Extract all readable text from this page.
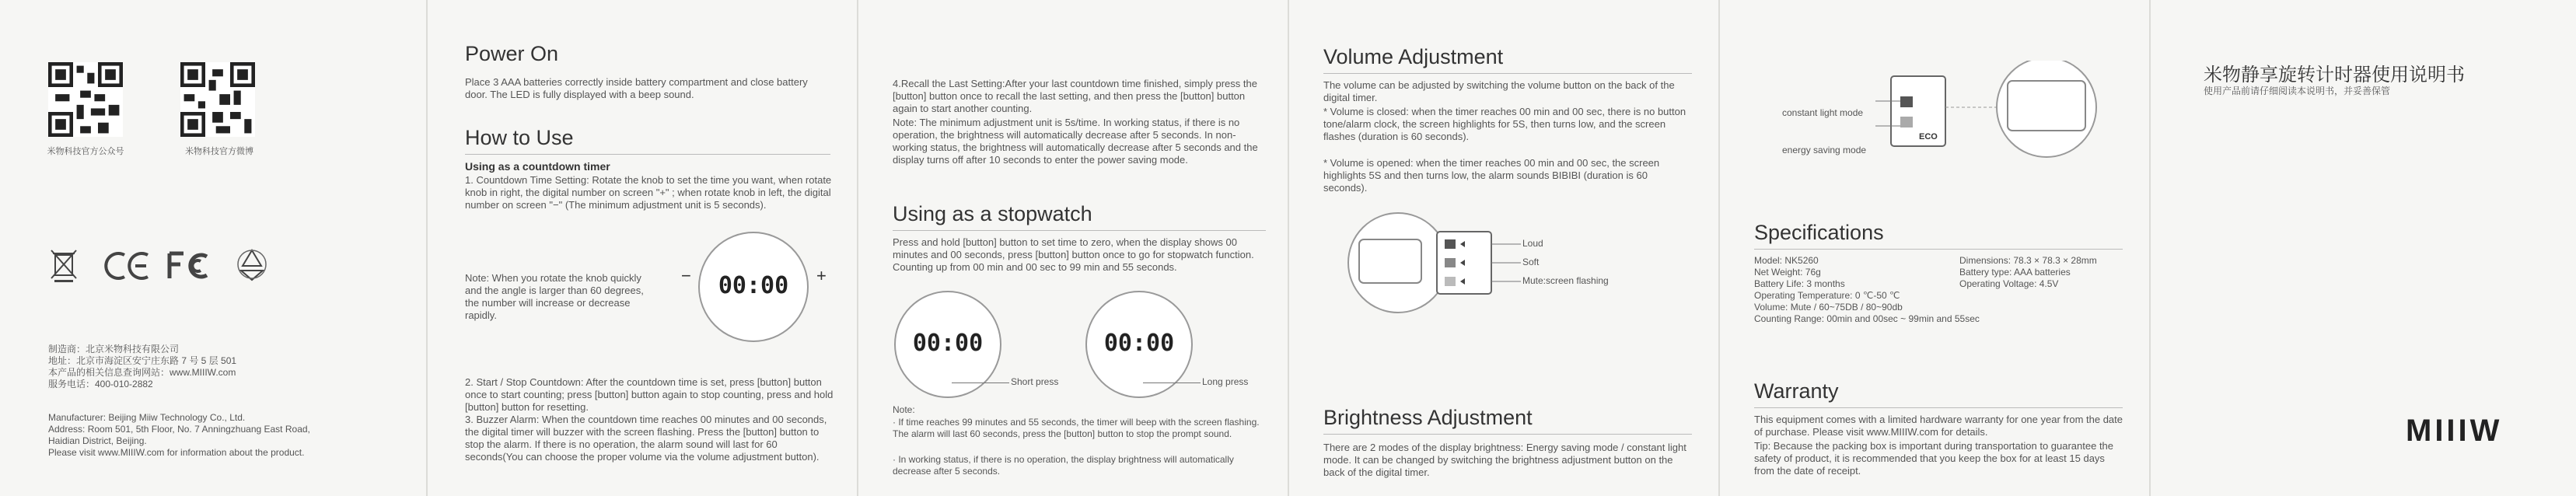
米物科技官方公众号	米物科技官方微博
制造商：北京米物科技有限公司
地址：北京市海淀区安宁庄东路 7 号 5 层 501
本产品的相关信息查询网站：www.MIIIW.com
服务电话：400-010-2882
Manufacturer: Beijing Miiw Technology Co., Ltd.
Address: Room 501, 5th Floor, No. 7 Anningzhuang East Road,
Haidian District, Beijing.
Please visit www.MIIIW.com for information about the product.
Power On
Place 3 AAA batteries correctly inside battery compartment and close battery door. The LED is fully displayed with a beep sound.
How to Use
Using as a countdown timer
1. Countdown Time Setting: Rotate the knob to set the time you want, when rotate knob in right, the digital number on screen "+" ; when rotate knob in left, the digital number on screen "−" (The minimum adjustment unit is 5 seconds).
Note: When you rotate the knob quickly and the angle is larger than 60 degrees, the number will increase or decrease rapidly.
00:00
−	+
2. Start / Stop Countdown: After the countdown time is set, press [button] button once to start counting; press [button] button again to stop counting, press and hold [button] button for resetting.
3. Buzzer Alarm: When the countdown time reaches 00 minutes and 00 seconds, the digital timer will buzzer with the screen flashing. Press the [button] button to stop the alarm. If there is no operation, the alarm sound will last for 60 seconds(You can choose the proper volume via the volume adjustment button).
4.Recall the Last Setting:After your last countdown time finished, simply press the [button] button once to recall the last setting, and then press the [button] button again to start another counting.
Note: The minimum adjustment unit is 5s/time. In working status, if there is no operation, the brightness will automatically decrease after 5 seconds. In non-working status, the brightness will automatically decrease after 5 seconds and the display turns off after 10 seconds to enter the power saving mode.
Using as a stopwatch
Press and hold [button] button to set time to zero, when the display shows 00 minutes and 00 seconds, press [button] button once to go for stopwatch function. Counting up from 00 min and 00 sec to 99 min and 55 seconds.
00:00
Short press
00:00
Long press
Note:
· If time reaches 99 minutes and 55 seconds, the timer will beep with the screen flashing. The alarm will last 60 seconds, press the [button] button to stop the prompt sound.
· In working status, if there is no operation, the display brightness will automatically decrease after 5 seconds.
Volume Adjustment
The volume can be adjusted by switching the volume button on the back of the digital timer.
* Volume is closed: when the timer reaches 00 min and 00 sec, there is no button tone/alarm clock, the screen highlights for 5S, then turns low, and the screen flashes (duration is 60 seconds).
* Volume is opened: when the timer reaches 00 min and 00 sec, the screen highlights 5S and then turns low, the alarm sounds BIBIBI (duration is 60 seconds).
Loud
Soft
Mute:screen flashing
Brightness Adjustment
There are 2 modes of the display brightness: Energy saving mode / constant light mode. It can be changed by switching the brightness adjustment button on the back of the digital timer.
constant light mode
energy saving mode
ECO
Specifications
Model: NK5260
Net Weight: 76g
Battery Life: 3 months
Operating Temperature: 0 ℃-50 ℃
Volume: Mute / 60~75DB / 80~90db
Counting Range: 00min and 00sec ~ 99min and 55sec
Dimensions: 78.3 × 78.3 × 28mm
Battery type: AAA batteries
Operating Voltage: 4.5V
Warranty
This equipment comes with a limited hardware warranty for one year from the date of purchase. Please visit www.MIIIW.com for details.
Tip: Because the packing box is important during transportation to guarantee the safety of product, it is recommended that you keep the box for at least 15 days from the date of receipt.
米物静享旋转计时器使用说明书
使用产品前请仔细阅读本说明书，并妥善保管
MIIIW
